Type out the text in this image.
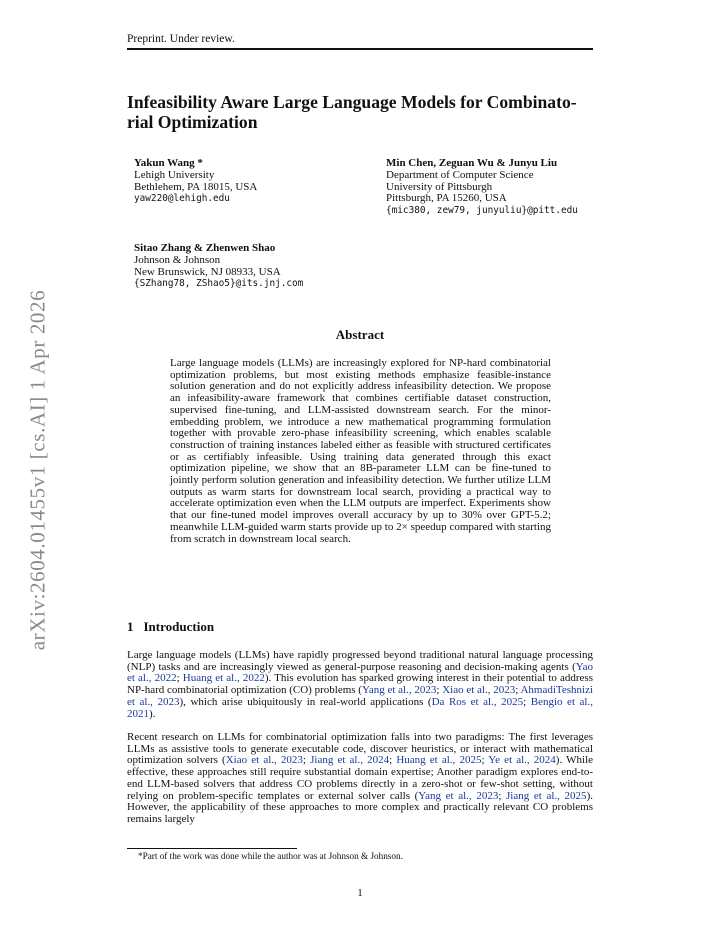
arXiv:2604.01455v1 [cs.AI] 1 Apr 2026
Preprint. Under review.
Infeasibility Aware Large Language Models for Combinato- rial Optimization
Yakun Wang *
Lehigh University
Bethlehem, PA 18015, USA
yaw220@lehigh.edu
Min Chen, Zeguan Wu & Junyu Liu
Department of Computer Science
University of Pittsburgh
Pittsburgh, PA 15260, USA
{mic380, zew79, junyuliu}@pitt.edu
Sitao Zhang & Zhenwen Shao
Johnson & Johnson
New Brunswick, NJ 08933, USA
{SZhang78, ZShao5}@its.jnj.com
Abstract
Large language models (LLMs) are increasingly explored for NP-hard combinatorial optimization problems, but most existing methods emphasize feasible-instance solution generation and do not explicitly address infeasibility detection. We propose an infeasibility-aware framework that combines certifiable dataset construction, supervised fine-tuning, and LLM-assisted downstream search. For the minor-embedding problem, we introduce a new mathematical programming formulation together with provable zero-phase infeasibility screening, which enables scalable construction of training instances labeled either as feasible with structured certificates or as certifiably infeasible. Using training data generated through this exact optimization pipeline, we show that an 8B-parameter LLM can be fine-tuned to jointly perform solution generation and infeasibility detection. We further utilize LLM outputs as warm starts for downstream local search, providing a practical way to accelerate optimization even when the LLM outputs are imperfect. Experiments show that our fine-tuned model improves overall accuracy by up to 30% over GPT-5.2; meanwhile LLM-guided warm starts provide up to 2× speedup compared with starting from scratch in downstream local search.
1 Introduction
Large language models (LLMs) have rapidly progressed beyond traditional natural language processing (NLP) tasks and are increasingly viewed as general-purpose reasoning and decision-making agents (Yao et al., 2022; Huang et al., 2022). This evolution has sparked growing interest in their potential to address NP-hard combinatorial optimization (CO) problems (Yang et al., 2023; Xiao et al., 2023; AhmadiTeshnizi et al., 2023), which arise ubiquitously in real-world applications (Da Ros et al., 2025; Bengio et al., 2021).
Recent research on LLMs for combinatorial optimization falls into two paradigms: The first leverages LLMs as assistive tools to generate executable code, discover heuristics, or interact with mathematical optimization solvers (Xiao et al., 2023; Jiang et al., 2024; Huang et al., 2025; Ye et al., 2024). While effective, these approaches still require substantial domain expertise; Another paradigm explores end-to-end LLM-based solvers that address CO problems directly in a zero-shot or few-shot setting, without relying on problem-specific templates or external solver calls (Yang et al., 2023; Jiang et al., 2025). However, the applicability of these approaches to more complex and practically relevant CO problems remains largely
*Part of the work was done while the author was at Johnson & Johnson.
1
